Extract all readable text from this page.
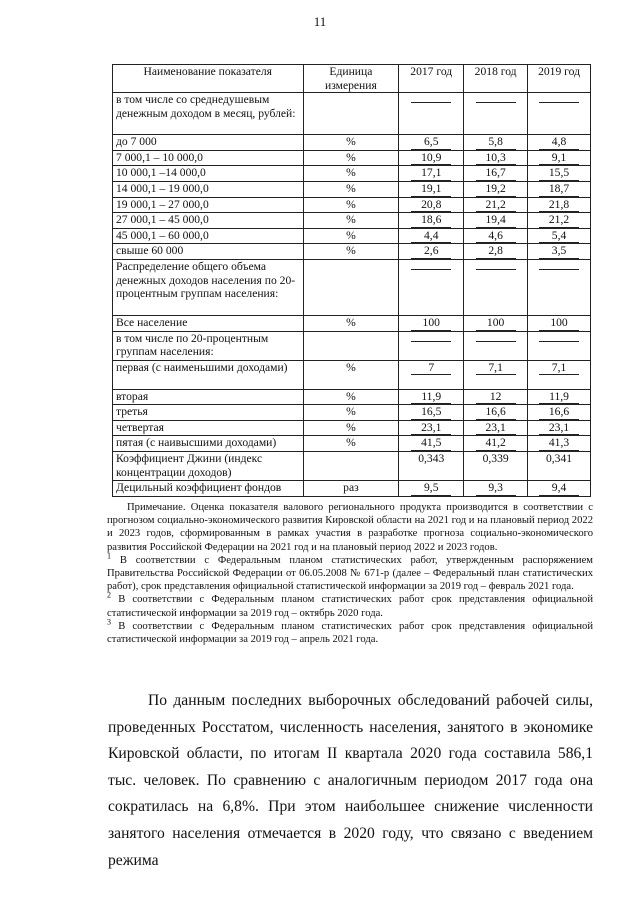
11
Наименование показателя	Единица измерения	2017 год	2018 год	2019 год
в том числе со среднедушевым денежным доходом в месяц, рублей:				
до 7 000	%	6,5	5,8	4,8
7 000,1 – 10 000,0	%	10,9	10,3	9,1
10 000,1 –14 000,0	%	17,1	16,7	15,5
14 000,1 – 19 000,0	%	19,1	19,2	18,7
19 000,1 – 27 000,0	%	20,8	21,2	21,8
27 000,1 – 45 000,0	%	18,6	19,4	21,2
45 000,1 – 60 000,0	%	4,4	4,6	5,4
свыше 60 000	%	2,6	2,8	3,5
Распределение общего объема денежных доходов населения по 20-процентным группам населения:				
Все население	%	100	100	100
в том числе по 20-процентным группам населения:				
первая (с наименьшими доходами)	%	7	7,1	7,1
вторая	%	11,9	12	11,9
третья	%	16,5	16,6	16,6
четвертая	%	23,1	23,1	23,1
пятая (с наивысшими доходами)	%	41,5	41,2	41,3
Коэффициент Джини (индекс концентрации доходов)		0,343	0,339	0,341
Децильный коэффициент фондов	раз	9,5	9,3	9,4

Примечание. Оценка показателя валового регионального продукта производится в соответствии с прогнозом социально-экономического развития Кировской области на 2021 год и на плановый период 2022 и 2023 годов, сформированным в рамках участия в разработке прогноза социально-экономического развития Российской Федерации на 2021 год и на плановый период 2022 и 2023 годов.

$^1$ В соответствии с Федеральным планом статистических работ, утвержденным распоряжением Правительства Российской Федерации от 06.05.2008 № 671-р (далее – Федеральный план статистических работ), срок представления официальной статистической информации за 2019 год – февраль 2021 года.

$^2$ В соответствии с Федеральным планом статистических работ срок представления официальной статистической информации за 2019 год – октябрь 2020 года.

$^3$ В соответствии с Федеральным планом статистических работ срок представления официальной статистической информации за 2019 год – апрель 2021 года.

По данным последних выборочных обследований рабочей силы, проведенных Росстатом, численность населения, занятого в экономике Кировской области, по итогам II квартала 2020 года составила 586,1 тыс. человек. По сравнению с аналогичным периодом 2017 года она сократилась на 6,8%. При этом наибольшее снижение численности занятого населения отмечается в 2020 году, что связано с введением режима
